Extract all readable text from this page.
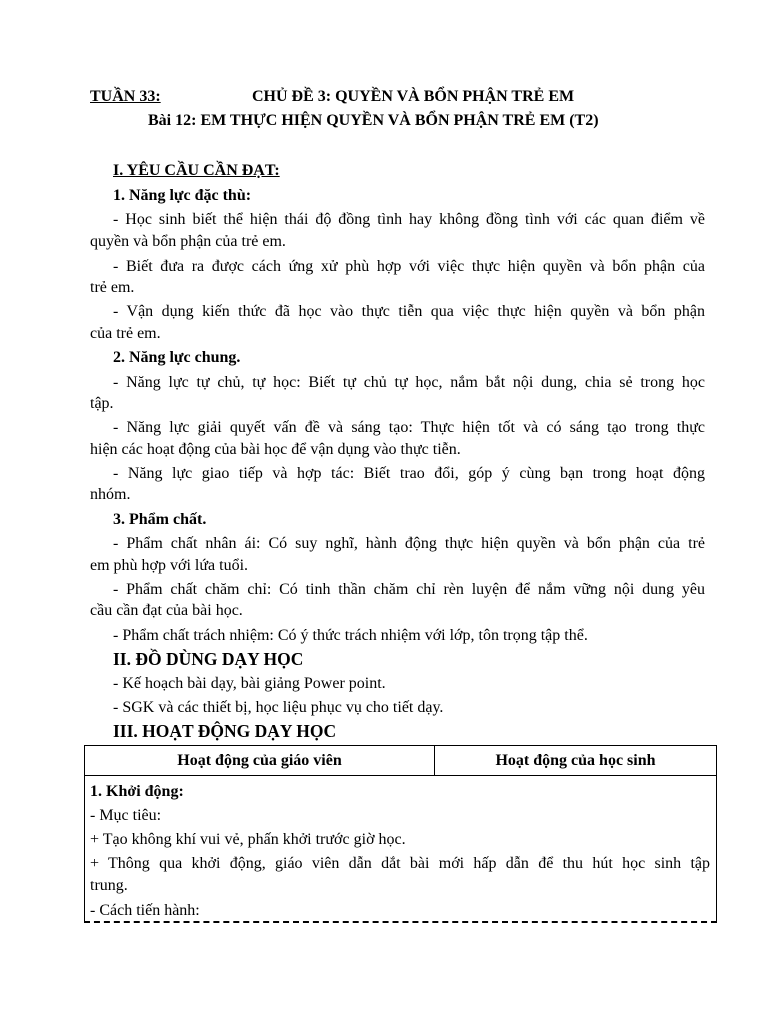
TUẦN 33:	CHỦ ĐỀ 3: QUYỀN VÀ BỔN PHẬN TRẺ EM
Bài 12: EM THỰC HIỆN QUYỀN VÀ BỔN PHẬN TRẺ EM (T2)
I. YÊU CẦU CẦN ĐẠT:
1. Năng lực đặc thù:
- Học sinh biết thể hiện thái độ đồng tình hay không đồng tình với các quan điểm về
quyền và bổn phận của trẻ em.
- Biết đưa ra được cách ứng xử phù hợp với việc thực hiện quyền và bổn phận của
trẻ em.
- Vận dụng kiến thức đã học vào thực tiễn qua việc thực hiện quyền và bổn phận
của trẻ em.
2. Năng lực chung.
- Năng lực tự chủ, tự học: Biết tự chủ tự học, nắm bắt nội dung, chia sẻ trong học
tập.
- Năng lực giải quyết vấn đề và sáng tạo: Thực hiện tốt và có sáng tạo trong thực
hiện các hoạt động của bài học để vận dụng vào thực tiễn.
- Năng lực giao tiếp và hợp tác: Biết trao đổi, góp ý cùng bạn trong hoạt động
nhóm.
3. Phẩm chất.
- Phẩm chất nhân ái: Có suy nghĩ, hành động thực hiện quyền và bổn phận của trẻ
em phù hợp với lứa tuổi.
- Phẩm chất chăm chỉ: Có tinh thần chăm chỉ rèn luyện để nắm vững nội dung yêu
cầu cần đạt của bài học.
- Phẩm chất trách nhiệm: Có ý thức trách nhiệm với lớp, tôn trọng tập thể.
II. ĐỒ DÙNG DẠY HỌC
- Kế hoạch bài dạy, bài giảng Power point.
- SGK và các thiết bị, học liệu phục vụ cho tiết dạy.
III. HOẠT ĐỘNG DẠY HỌC
Hoạt động của giáo viên	Hoạt động của học sinh
1. Khởi động:
- Mục tiêu:
+ Tạo không khí vui vẻ, phấn khởi trước giờ học.
+ Thông qua khởi động, giáo viên dẫn dắt bài mới hấp dẫn để thu hút học sinh tập
trung.
- Cách tiến hành:
